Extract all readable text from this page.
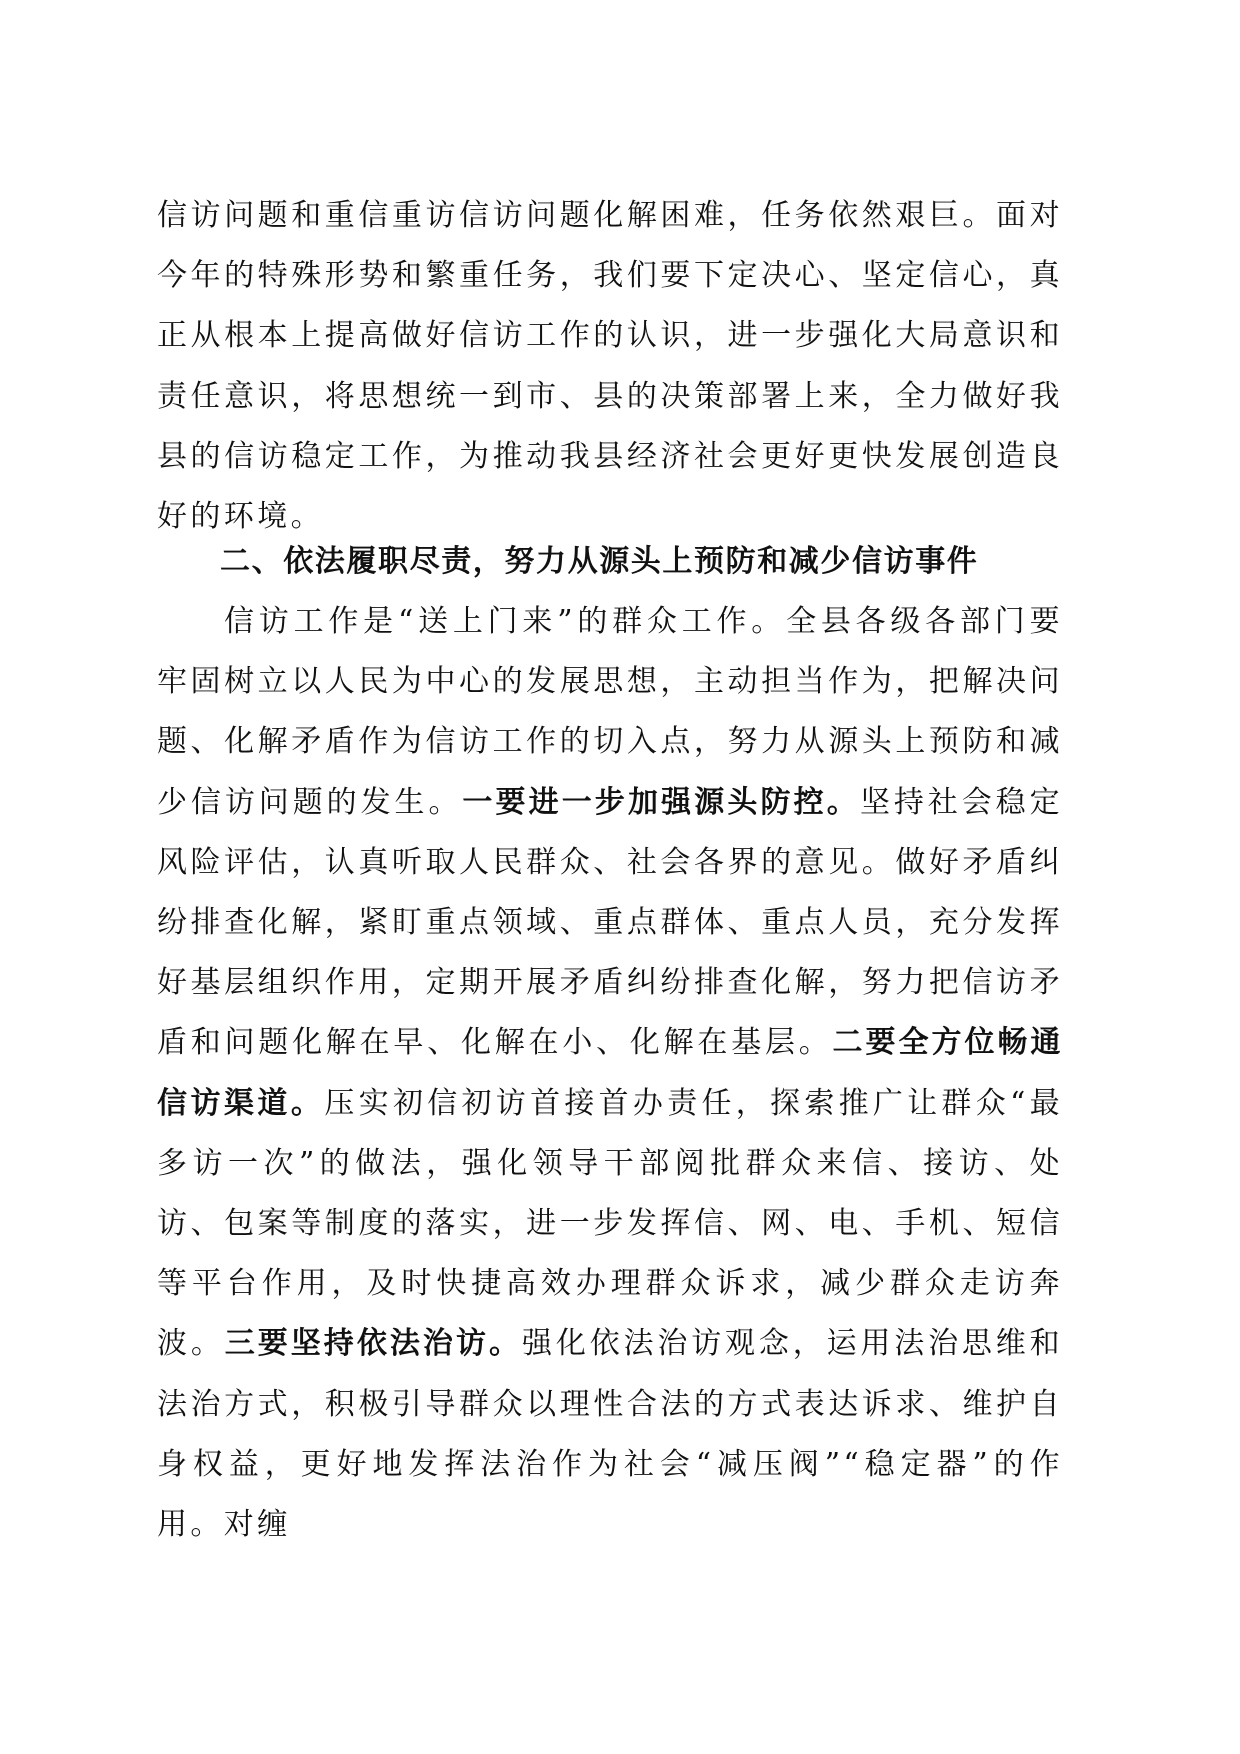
信访问题和重信重访信访问题化解困难，任务依然艰巨。面对今年的特殊形势和繁重任务，我们要下定决心、坚定信心，真正从根本上提高做好信访工作的认识，进一步强化大局意识和责任意识，将思想统一到市、县的决策部署上来，全力做好我县的信访稳定工作，为推动我县经济社会更好更快发展创造良好的环境。
二、依法履职尽责，努力从源头上预防和减少信访事件
信访工作是“送上门来”的群众工作。全县各级各部门要牢固树立以人民为中心的发展思想，主动担当作为，把解决问题、化解矛盾作为信访工作的切入点，努力从源头上预防和减少信访问题的发生。一要进一步加强源头防控。坚持社会稳定风险评估，认真听取人民群众、社会各界的意见。做好矛盾纠纷排查化解，紧盯重点领域、重点群体、重点人员，充分发挥好基层组织作用，定期开展矛盾纠纷排查化解，努力把信访矛盾和问题化解在早、化解在小、化解在基层。二要全方位畅通信访渠道。压实初信初访首接首办责任，探索推广让群众“最多访一次”的做法，强化领导干部阅批群众来信、接访、处访、包案等制度的落实，进一步发挥信、网、电、手机、短信等平台作用，及时快捷高效办理群众诉求，减少群众走访奔波。三要坚持依法治访。强化依法治访观念，运用法治思维和法治方式，积极引导群众以理性合法的方式表达诉求、维护自身权益，更好地发挥法治作为社会“减压阀”“稳定器”的作用。对缠
